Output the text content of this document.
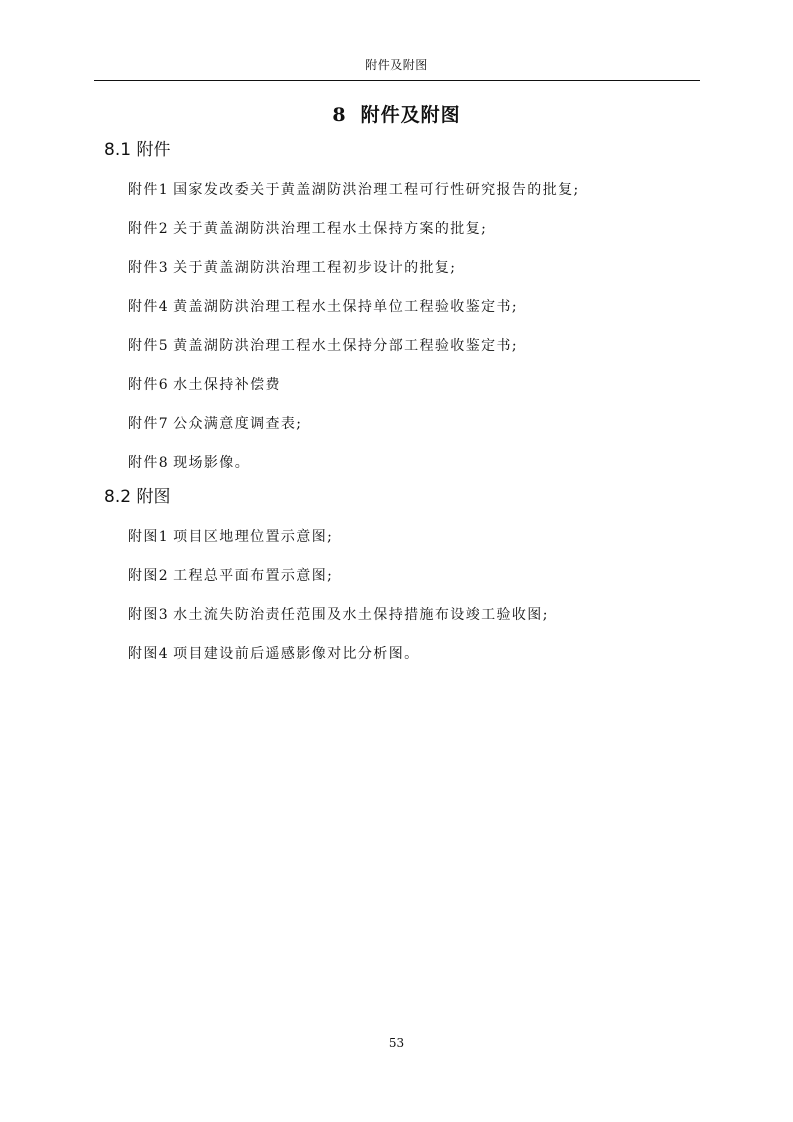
附件及附图
8 附件及附图
8.1 附件
附件1 国家发改委关于黄盖湖防洪治理工程可行性研究报告的批复;
附件2 关于黄盖湖防洪治理工程水土保持方案的批复;
附件3 关于黄盖湖防洪治理工程初步设计的批复;
附件4 黄盖湖防洪治理工程水土保持单位工程验收鉴定书;
附件5 黄盖湖防洪治理工程水土保持分部工程验收鉴定书;
附件6 水土保持补偿费
附件7 公众满意度调查表;
附件8 现场影像。
8.2 附图
附图1 项目区地理位置示意图;
附图2 工程总平面布置示意图;
附图3 水土流失防治责任范围及水土保持措施布设竣工验收图;
附图4 项目建设前后遥感影像对比分析图。
53
